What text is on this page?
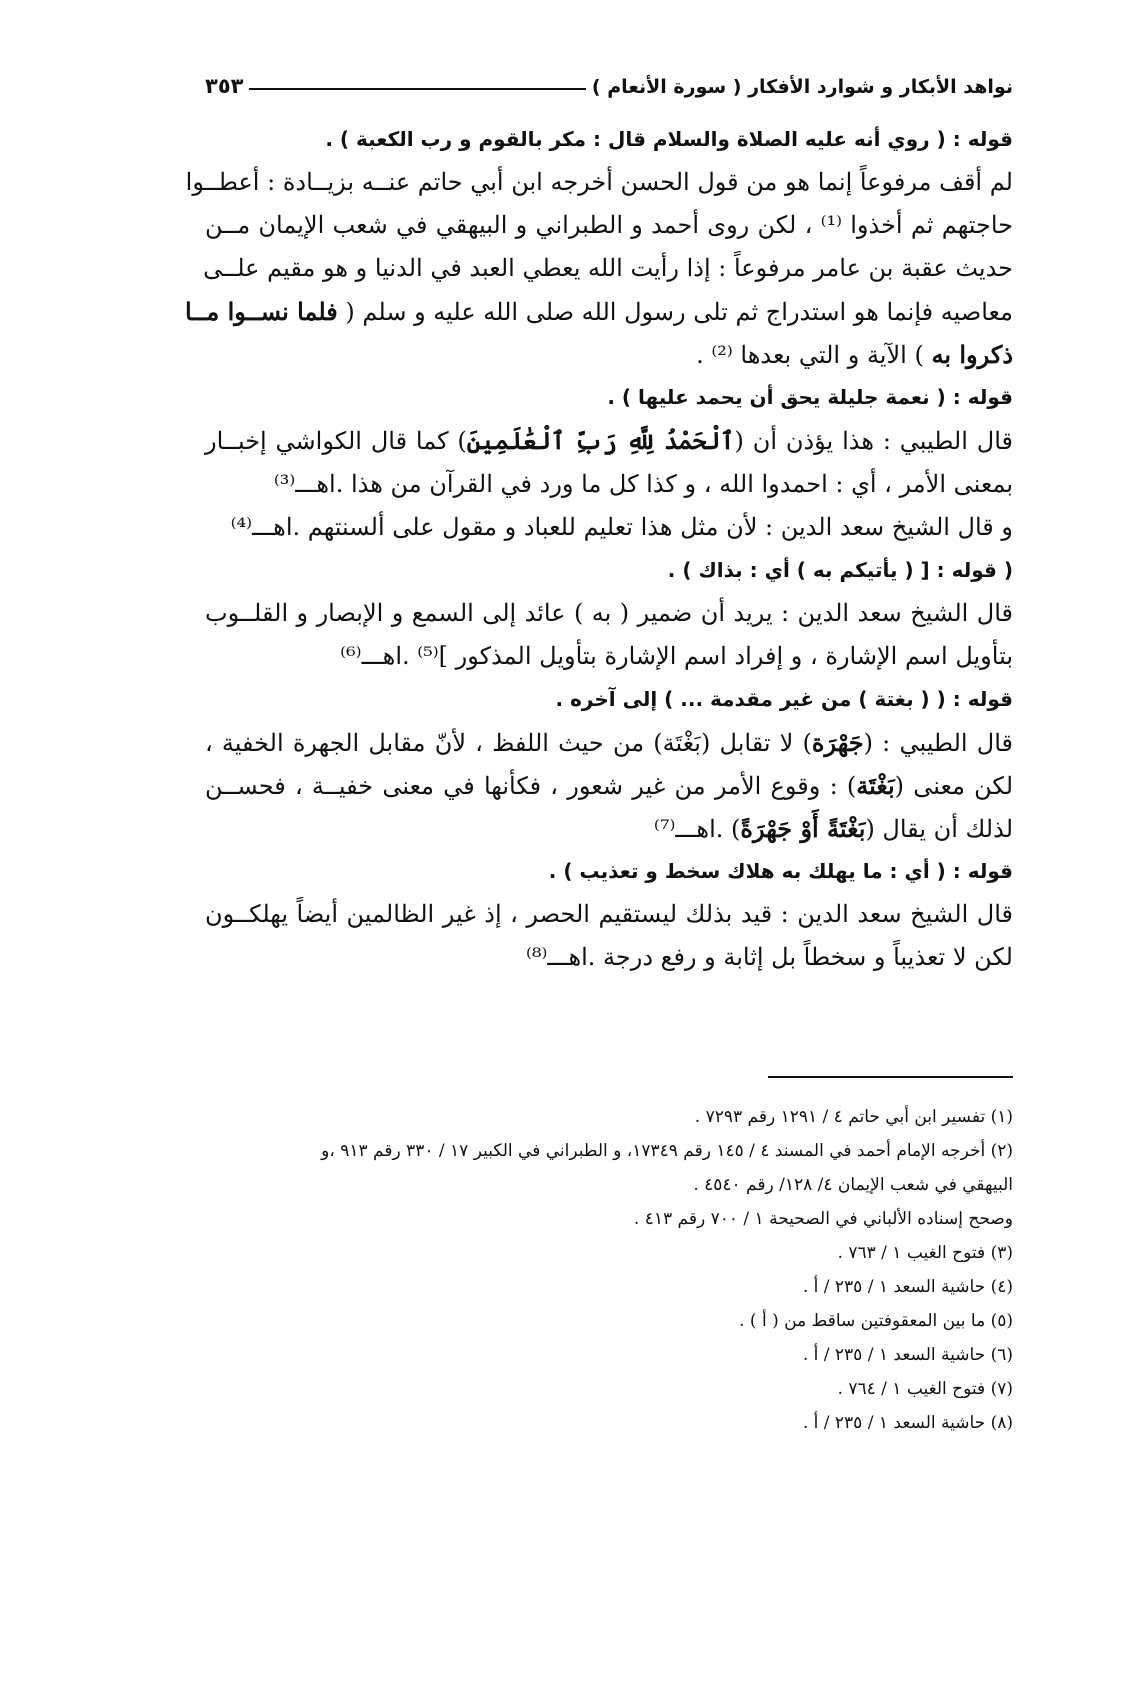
نواهد الأبكار و شوارد الأفكار ( سورة الأنعام )
٣٥٣
قوله : ( روي أنه عليه الصلاة والسلام قال : مكر بالقوم و رب الكعبة ) .
لم أقف مرفوعاً إنما هو من قول الحسن أخرجه ابن أبي حاتم عنــه بزيــادة : أعطــوا
حاجتهم ثم أخذوا ⁽¹⁾ ، لكن روى أحمد و الطبراني و البيهقي في شعب الإيمان مــن
حديث عقبة بن عامر مرفوعاً : إذا رأيت الله يعطي العبد في الدنيا و هو مقيم علــى
معاصيه فإنما هو استدراج ثم تلى رسول الله صلى الله عليه و سلم ( فلما نســوا مــا
ذكروا به ) الآية و التي بعدها ⁽²⁾ .
قوله : ( نعمة جليلة يحق أن يحمد عليها ) .
قال الطيبي : هذا يؤذن أن (ٱلْحَمْدُ لِلَّهِ رَبِّ ٱلْعَٰلَمِينَ) كما قال الكواشي إخبــار
بمعنى الأمر ، أي : احمدوا الله ، و كذا كل ما ورد في القرآن من هذا .اهـــ⁽³⁾
و قال الشيخ سعد الدين : لأن مثل هذا تعليم للعباد و مقول على ألسنتهم .اهـــ⁽⁴⁾
( قوله : [ ( يأتيكم به ) أي : بذاك ) .
قال الشيخ سعد الدين : يريد أن ضمير ( به ) عائد إلى السمع و الإبصار و القلــوب
بتأويل اسم الإشارة ، و إفراد اسم الإشارة بتأويل المذكور ]⁽⁵⁾ .اهـــ⁽⁶⁾
قوله : ( ( بغتة ) من غير مقدمة ... ) إلى آخره .
قال الطيبي : (جَهْرَة) لا تقابل (بَغْتَة) من حيث اللفظ ، لأنّ مقابل الجهرة الخفية ،
لكن معنى (بَغْتَة) : وقوع الأمر من غير شعور ، فكأنها في معنى خفيــة ، فحســن
لذلك أن يقال (بَغْتَةً أَوْ جَهْرَةً) .اهـــ⁽⁷⁾
قوله : ( أي : ما يهلك به هلاك سخط و تعذيب ) .
قال الشيخ سعد الدين : قيد بذلك ليستقيم الحصر ، إذ غير الظالمين أيضاً يهلكــون
لكن لا تعذيباً و سخطاً بل إثابة و رفع درجة .اهـــ⁽⁸⁾
(١) تفسير ابن أبي حاتم ٤ / ١٢٩١ رقم ٧٢٩٣ .
(٢) أخرجه الإمام أحمد في المسند ٤ / ١٤٥ رقم ١٧٣٤٩، و الطبراني في الكبير ١٧ / ٣٣٠ رقم ٩١٣ ،و
البيهقي في شعب الإيمان ٤/ ١٢٨/ رقم ٤٥٤٠ .
وصحح إسناده الألباني في الصحيحة ١ / ٧٠٠ رقم ٤١٣ .
(٣) فتوح الغيب ١ / ٧٦٣ .
(٤) حاشية السعد ١ / ٢٣٥ / أ .
(٥) ما بين المعقوفتين ساقط من ( أ ) .
(٦) حاشية السعد ١ / ٢٣٥ / أ .
(٧) فتوح الغيب ١ / ٧٦٤ .
(٨) حاشية السعد ١ / ٢٣٥ / أ .
